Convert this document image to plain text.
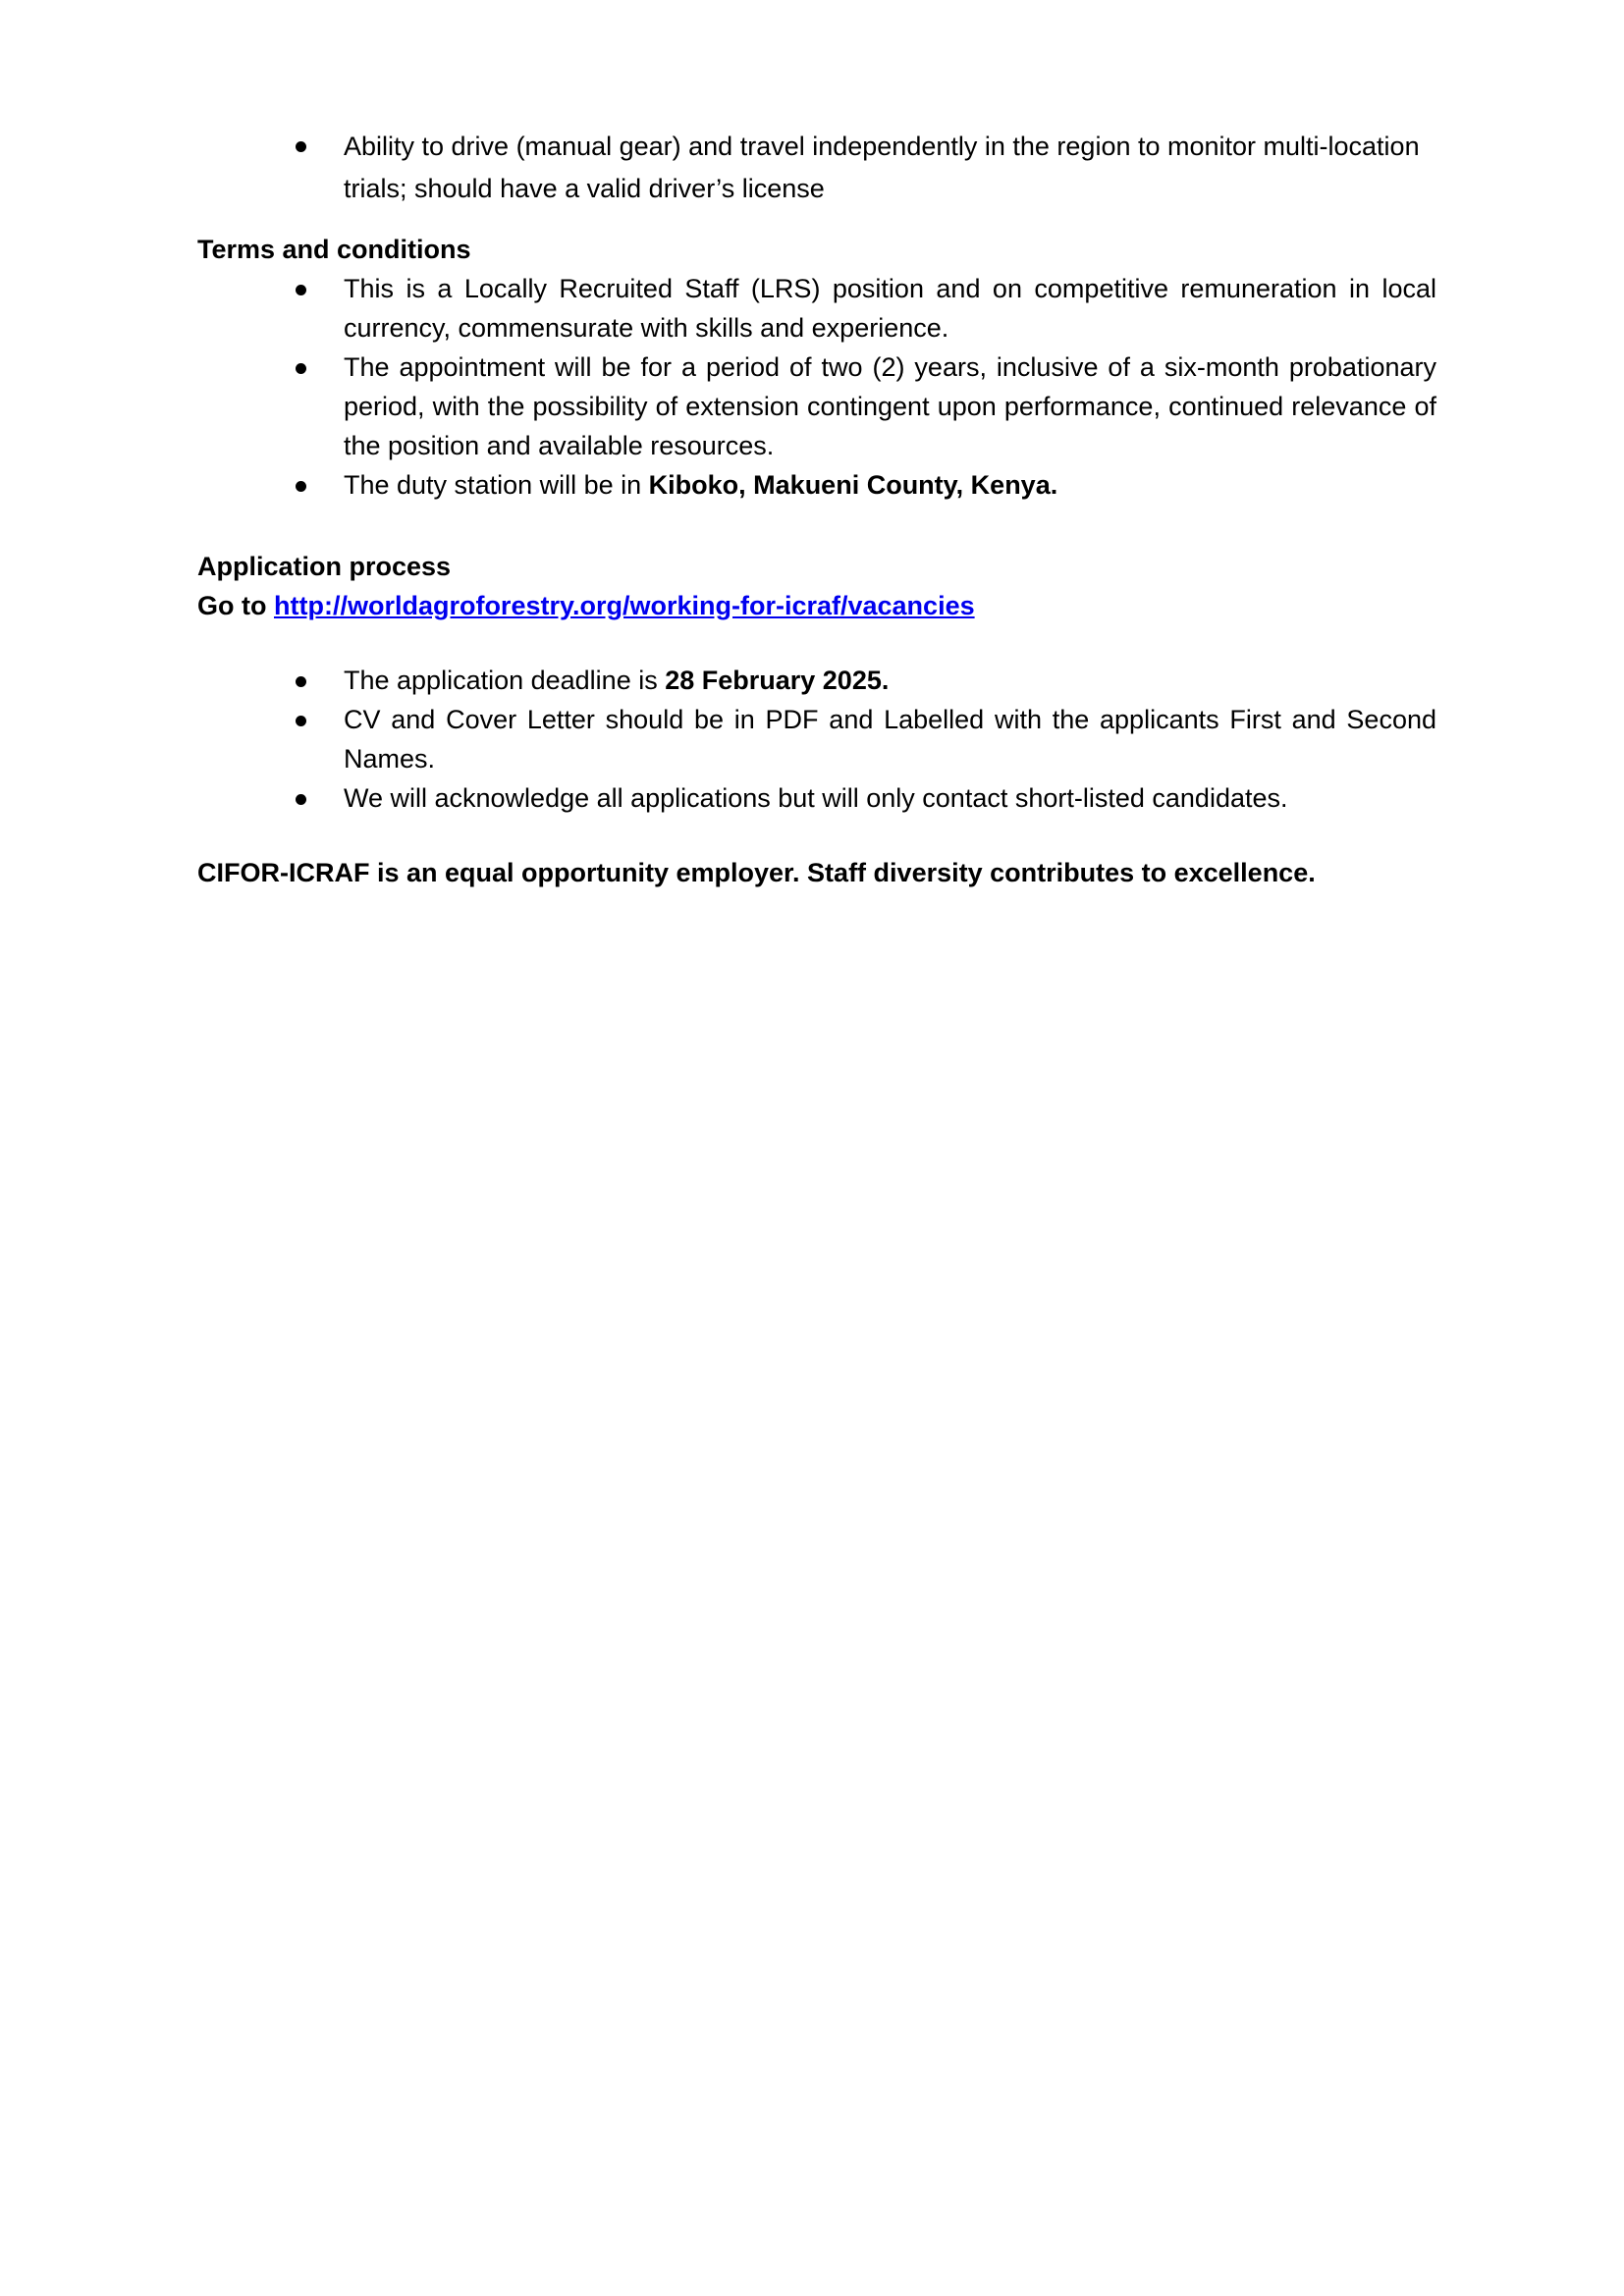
Ability to drive (manual gear) and travel independently in the region to monitor multi-location trials; should have a valid driver’s license

Terms and conditions

This is a Locally Recruited Staff (LRS) position and on competitive remuneration in local currency, commensurate with skills and experience.
The appointment will be for a period of two (2) years, inclusive of a six-month probationary period, with the possibility of extension contingent upon performance, continued relevance of the position and available resources.
The duty station will be in Kiboko, Makueni County, Kenya.

Application process

Go to http://worldagroforestry.org/working-for-icraf/vacancies

The application deadline is 28 February 2025.
CV and Cover Letter should be in PDF and Labelled with the applicants First and Second Names.
We will acknowledge all applications but will only contact short-listed candidates.

CIFOR-ICRAF is an equal opportunity employer. Staff diversity contributes to excellence.
